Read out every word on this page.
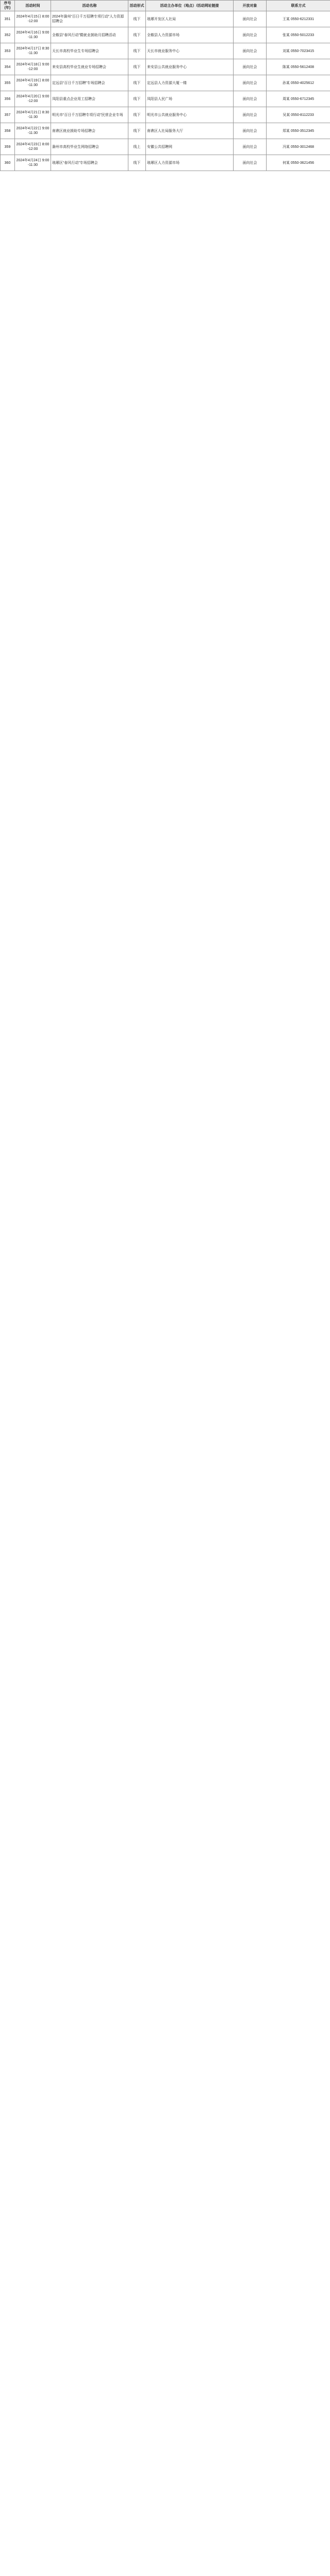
序号(年)	活动时间	活动名称	活动形式	活动主办单位（地点）/活动网址链接	开放对象	联系方式
351	2024年4月15日 8:00-12:00	2024年滁州“百日千万招聘专项行动”人力资源招聘会	线下	琅琊开发区人社局	面向社会	王某 0550-6212331
352	2024年4月16日 9:00-11:30	全椒县“春风行动”暨就业援助月招聘活动	线下	全椒县人力资源市场	面向社会	张某 0550-5012233
353	2024年4月17日 8:30-11:30	天长市高校毕业生专场招聘会	线下	天长市就业服务中心	面向社会	刘某 0550-7023415
354	2024年4月18日 9:00-12:00	来安县高校毕业生就业专场招聘会	线下	来安县公共就业服务中心	面向社会	陈某 0550-5612408
355	2024年4月19日 8:00-11:30	定远县“百日千万招聘”专场招聘会	线下	定远县人力资源大厦一楼	面向社会	孙某 0550-4025612
356	2024年4月20日 9:00-12:00	凤阳县重点企业用工招聘会	线下	凤阳县人民广场	面向社会	周某 0550-6712345
357	2024年4月21日 8:30-11:30	明光市“百日千万招聘专项行动”民营企业专场	线下	明光市公共就业服务中心	面向社会	吴某 0550-8112233
358	2024年4月22日 9:00-11:30	南谯区就业援助专场招聘会	线下	南谯区人社局服务大厅	面向社会	郑某 0550-3512345
359	2024年4月23日 8:00-12:00	滁州市高校毕业生网络招聘会	线上	安徽公共招聘网	面向社会	冯某 0550-3012468
360	2024年4月24日 9:00-11:30	琅琊区“春风行动”专场招聘会	线下	琅琊区人力资源市场	面向社会	何某 0550-3621456
